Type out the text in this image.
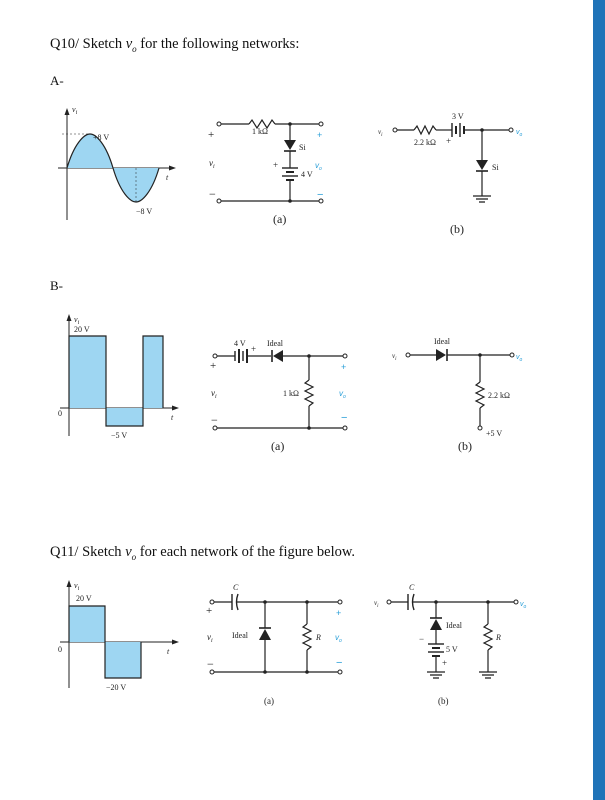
Q10/ Sketch $v_o$ for the following networks:
A-
$v_i$
+8 V
−8 V
t
+
$v_i$
−
+
$v_o$
−
1 kΩ
Si
4 V
+
(a)
$v_i$	$v_o$
3 V
2.2 kΩ +
Si
(b)
B-
$v_i$
20 V
−5 V
0	t
4 V
+
Ideal
1 kΩ
+
$v_i$
−
+
$v_o$
−
(a)
$v_i$	$v_o$
Ideal
2.2 kΩ
+5 V
(b)
Q11/ Sketch $v_o$ for each network of the figure below.
$v_i$
20 V
−20 V
0	t
C
Ideal	R
+
$v_i$
−
+
$v_o$
−
(a)
$v_i$	$v_o$
C
Ideal
5 V
−
+
R
(b)
